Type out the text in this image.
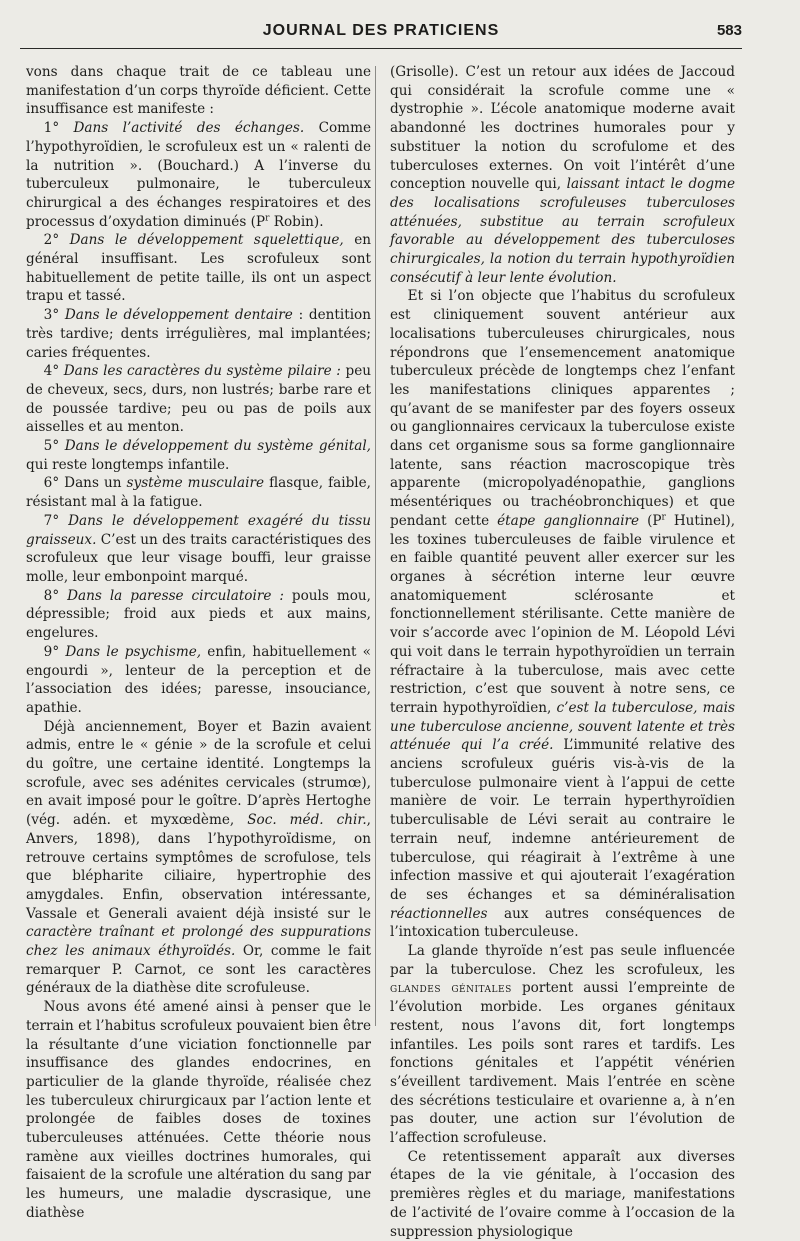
JOURNAL DES PRATICIENS	583

vons dans chaque trait de ce tableau une manifestation d’un corps thyroïde déficient. Cette insuffisance est manifeste :

1° Dans l’activité des échanges. Comme l’hypothyroïdien, le scrofuleux est un « ralenti de la nutrition ». (Bouchard.) A l’inverse du tuberculeux pulmonaire, le tuberculeux chirurgical a des échanges respiratoires et des processus d’oxydation diminués ($P^r$ Robin).

2° Dans le développement squelettique, en général insuffisant. Les scrofuleux sont habituellement de petite taille, ils ont un aspect trapu et tassé.

3° Dans le développement dentaire : dentition très tardive; dents irrégulières, mal implantées; caries fréquentes.

4° Dans les caractères du système pilaire : peu de cheveux, secs, durs, non lustrés; barbe rare et de poussée tardive; peu ou pas de poils aux aisselles et au menton.

5° Dans le développement du système génital, qui reste longtemps infantile.

6° Dans un système musculaire flasque, faible, résistant mal à la fatigue.

7° Dans le développement exagéré du tissu graisseux. C’est un des traits caractéristiques des scrofuleux que leur visage bouffi, leur graisse molle, leur embonpoint marqué.

8° Dans la paresse circulatoire : pouls mou, dépressible; froid aux pieds et aux mains, engelures.

9° Dans le psychisme, enfin, habituellement « engourdi », lenteur de la perception et de l’association des idées; paresse, insouciance, apathie.

Déjà anciennement, Boyer et Bazin avaient admis, entre le « génie » de la scrofule et celui du goître, une certaine identité. Longtemps la scrofule, avec ses adénites cervicales (strumœ), en avait imposé pour le goître. D’après Hertoghe (vég. adén. et myxœdème, Soc. méd. chir., Anvers, 1898), dans l’hypothyroïdisme, on retrouve certains symptômes de scrofulose, tels que blépharite ciliaire, hypertrophie des amygdales. Enfin, observation intéressante, Vassale et Generali avaient déjà insisté sur le caractère traînant et prolongé des suppurations chez les animaux éthyroïdés. Or, comme le fait remarquer P. Carnot, ce sont les caractères généraux de la diathèse dite scrofuleuse.

Nous avons été amené ainsi à penser que le terrain et l’habitus scrofuleux pouvaient bien être la résultante d’une viciation fonctionnelle par insuffisance des glandes endocrines, en particulier de la glande thyroïde, réalisée chez les tuberculeux chirurgicaux par l’action lente et prolongée de faibles doses de toxines tuberculeuses atténuées. Cette théorie nous ramène aux vieilles doctrines humorales, qui faisaient de la scrofule une altération du sang par les humeurs, une maladie dyscrasique, une diathèse

(Grisolle). C’est un retour aux idées de Jaccoud qui considérait la scrofule comme une « dystrophie ». L’école anatomique moderne avait abandonné les doctrines humorales pour y substituer la notion du scrofulome et des tuberculoses externes. On voit l’intérêt d’une conception nouvelle qui, laissant intact le dogme des localisations scrofuleuses tuberculoses atténuées, substitue au terrain scrofuleux favorable au développement des tuberculoses chirurgicales, la notion du terrain hypothyroïdien consécutif à leur lente évolution.

Et si l’on objecte que l’habitus du scrofuleux est cliniquement souvent antérieur aux localisations tuberculeuses chirurgicales, nous répondrons que l’ensemencement anatomique tuberculeux précède de longtemps chez l’enfant les manifestations cliniques apparentes ; qu’avant de se manifester par des foyers osseux ou ganglionnaires cervicaux la tuberculose existe dans cet organisme sous sa forme ganglionnaire latente, sans réaction macroscopique très apparente (micropolyadénopathie, ganglions mésentériques ou trachéobronchiques) et que pendant cette étape ganglionnaire ($P^r$ Hutinel), les toxines tuberculeuses de faible virulence et en faible quantité peuvent aller exercer sur les organes à sécrétion interne leur œuvre anatomiquement sclérosante et fonctionnellement stérilisante. Cette manière de voir s’accorde avec l’opinion de M. Léopold Lévi qui voit dans le terrain hypothyroïdien un terrain réfractaire à la tuberculose, mais avec cette restriction, c’est que souvent à notre sens, ce terrain hypothyroïdien, c’est la tuberculose, mais une tuberculose ancienne, souvent latente et très atténuée qui l’a créé. L’immunité relative des anciens scrofuleux guéris vis-à-vis de la tuberculose pulmonaire vient à l’appui de cette manière de voir. Le terrain hyperthyroïdien tuberculisable de Lévi serait au contraire le terrain neuf, indemne antérieurement de tuberculose, qui réagirait à l’extrême à une infection massive et qui ajouterait l’exagération de ses échanges et sa déminéralisation réactionnelles aux autres conséquences de l’intoxication tuberculeuse.

La glande thyroïde n’est pas seule influencée par la tuberculose. Chez les scrofuleux, les glandes génitales portent aussi l’empreinte de l’évolution morbide. Les organes génitaux restent, nous l’avons dit, fort longtemps infantiles. Les poils sont rares et tardifs. Les fonctions génitales et l’appétit vénérien s’éveillent tardivement. Mais l’entrée en scène des sécrétions testiculaire et ovarienne a, à n’en pas douter, une action sur l’évolution de l’affection scrofuleuse.

Ce retentissement apparaît aux diverses étapes de la vie génitale, à l’occasion des premières règles et du mariage, manifestations de l’activité de l’ovaire comme à l’occasion de la suppression physiologique
